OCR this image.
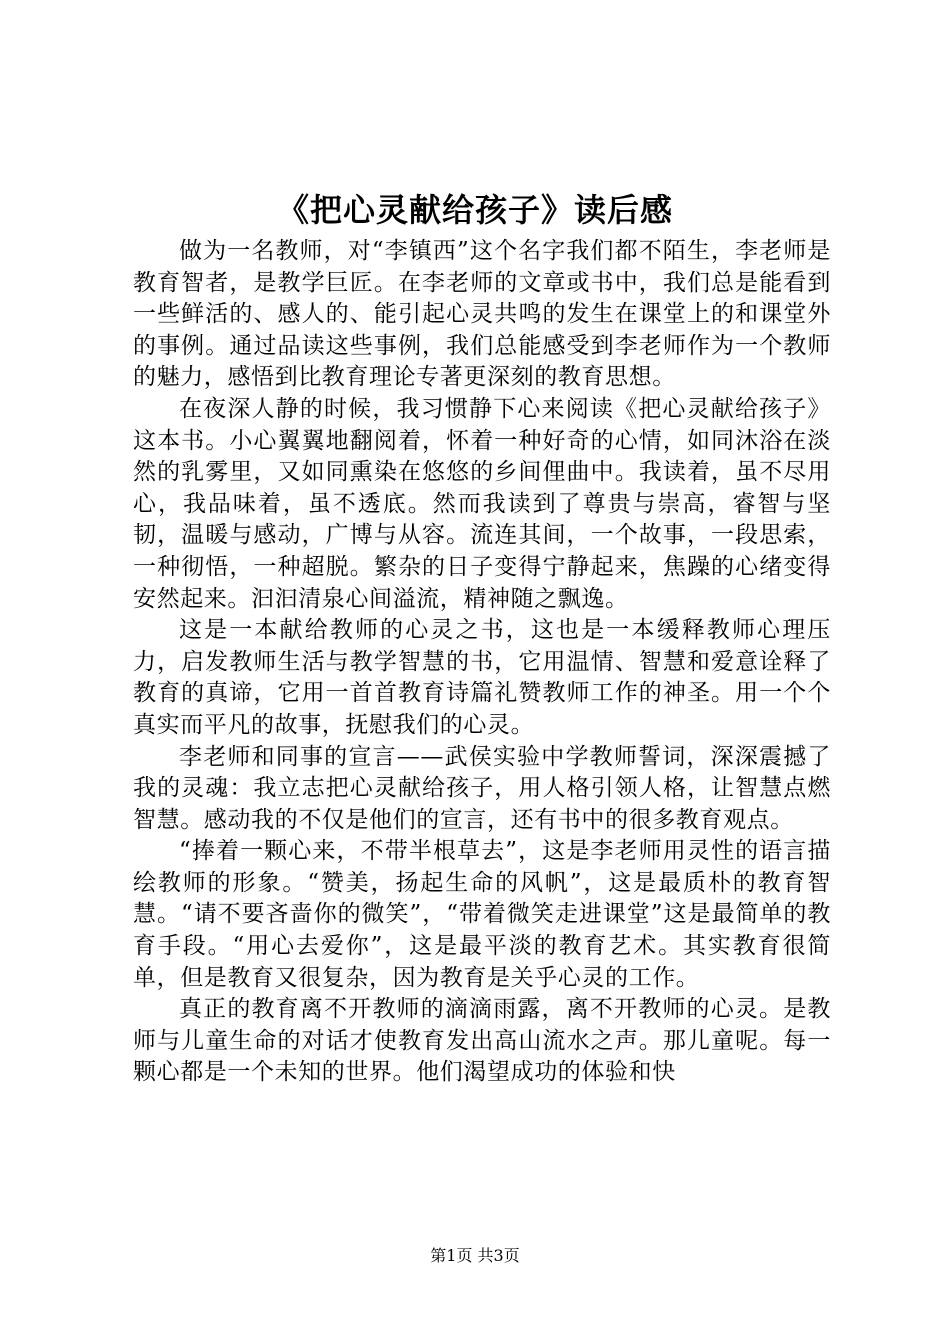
《把心灵献给孩子》读后感

做为一名教师，对“李镇西”这个名字我们都不陌生，李老师是教育智者，是教学巨匠。在李老师的文章或书中，我们总是能看到一些鲜活的、感人的、能引起心灵共鸣的发生在课堂上的和课堂外的事例。通过品读这些事例，我们总能感受到李老师作为一个教师的魅力，感悟到比教育理论专著更深刻的教育思想。

在夜深人静的时候，我习惯静下心来阅读《把心灵献给孩子》这本书。小心翼翼地翻阅着，怀着一种好奇的心情，如同沐浴在淡然的乳雾里，又如同熏染在悠悠的乡间俚曲中。我读着，虽不尽用心，我品味着，虽不透底。然而我读到了尊贵与崇高，睿智与坚韧，温暖与感动，广博与从容。流连其间，一个故事，一段思索，一种彻悟，一种超脱。繁杂的日子变得宁静起来，焦躁的心绪变得安然起来。汩汩清泉心间溢流，精神随之飘逸。

这是一本献给教师的心灵之书，这也是一本缓释教师心理压力，启发教师生活与教学智慧的书，它用温情、智慧和爱意诠释了教育的真谛，它用一首首教育诗篇礼赞教师工作的神圣。用一个个真实而平凡的故事，抚慰我们的心灵。

李老师和同事的宣言——武侯实验中学教师誓词，深深震撼了我的灵魂：我立志把心灵献给孩子，用人格引领人格，让智慧点燃智慧。感动我的不仅是他们的宣言，还有书中的很多教育观点。

“捧着一颗心来，不带半根草去”，这是李老师用灵性的语言描绘教师的形象。“赞美，扬起生命的风帆”，这是最质朴的教育智慧。“请不要吝啬你的微笑”，“带着微笑走进课堂”这是最简单的教育手段。“用心去爱你”，这是最平淡的教育艺术。其实教育很简单，但是教育又很复杂，因为教育是关乎心灵的工作。

真正的教育离不开教师的滴滴雨露，离不开教师的心灵。是教师与儿童生命的对话才使教育发出高山流水之声。那儿童呢。每一颗心都是一个未知的世界。他们渴望成功的体验和快

第1页 共3页
